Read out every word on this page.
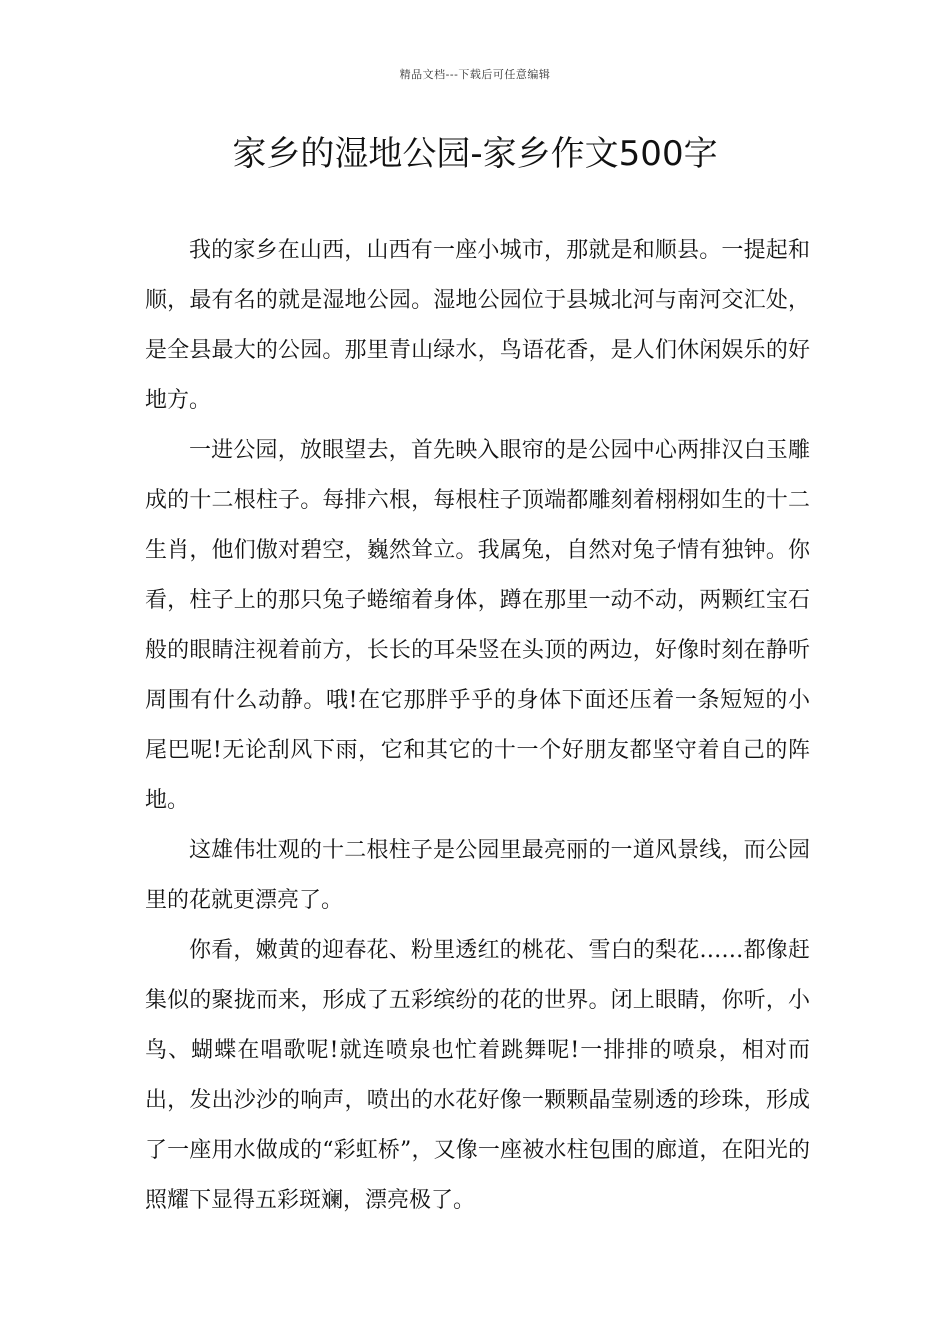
精品文档---下载后可任意编辑
家乡的湿地公园-家乡作文500字

我的家乡在山西，山西有一座小城市，那就是和顺县。一提起和顺，最有名的就是湿地公园。湿地公园位于县城北河与南河交汇处，是全县最大的公园。那里青山绿水，鸟语花香，是人们休闲娱乐的好地方。

一进公园，放眼望去，首先映入眼帘的是公园中心两排汉白玉雕成的十二根柱子。每排六根，每根柱子顶端都雕刻着栩栩如生的十二生肖，他们傲对碧空，巍然耸立。我属兔，自然对兔子情有独钟。你看，柱子上的那只兔子蜷缩着身体，蹲在那里一动不动，两颗红宝石般的眼睛注视着前方，长长的耳朵竖在头顶的两边，好像时刻在静听周围有什么动静。哦!在它那胖乎乎的身体下面还压着一条短短的小尾巴呢!无论刮风下雨，它和其它的十一个好朋友都坚守着自己的阵地。

这雄伟壮观的十二根柱子是公园里最亮丽的一道风景线，而公园里的花就更漂亮了。

你看，嫩黄的迎春花、粉里透红的桃花、雪白的梨花……都像赶集似的聚拢而来，形成了五彩缤纷的花的世界。闭上眼睛，你听，小鸟、蝴蝶在唱歌呢!就连喷泉也忙着跳舞呢!一排排的喷泉，相对而出，发出沙沙的响声，喷出的水花好像一颗颗晶莹剔透的珍珠，形成了一座用水做成的“彩虹桥”，又像一座被水柱包围的廊道，在阳光的照耀下显得五彩斑斓，漂亮极了。
